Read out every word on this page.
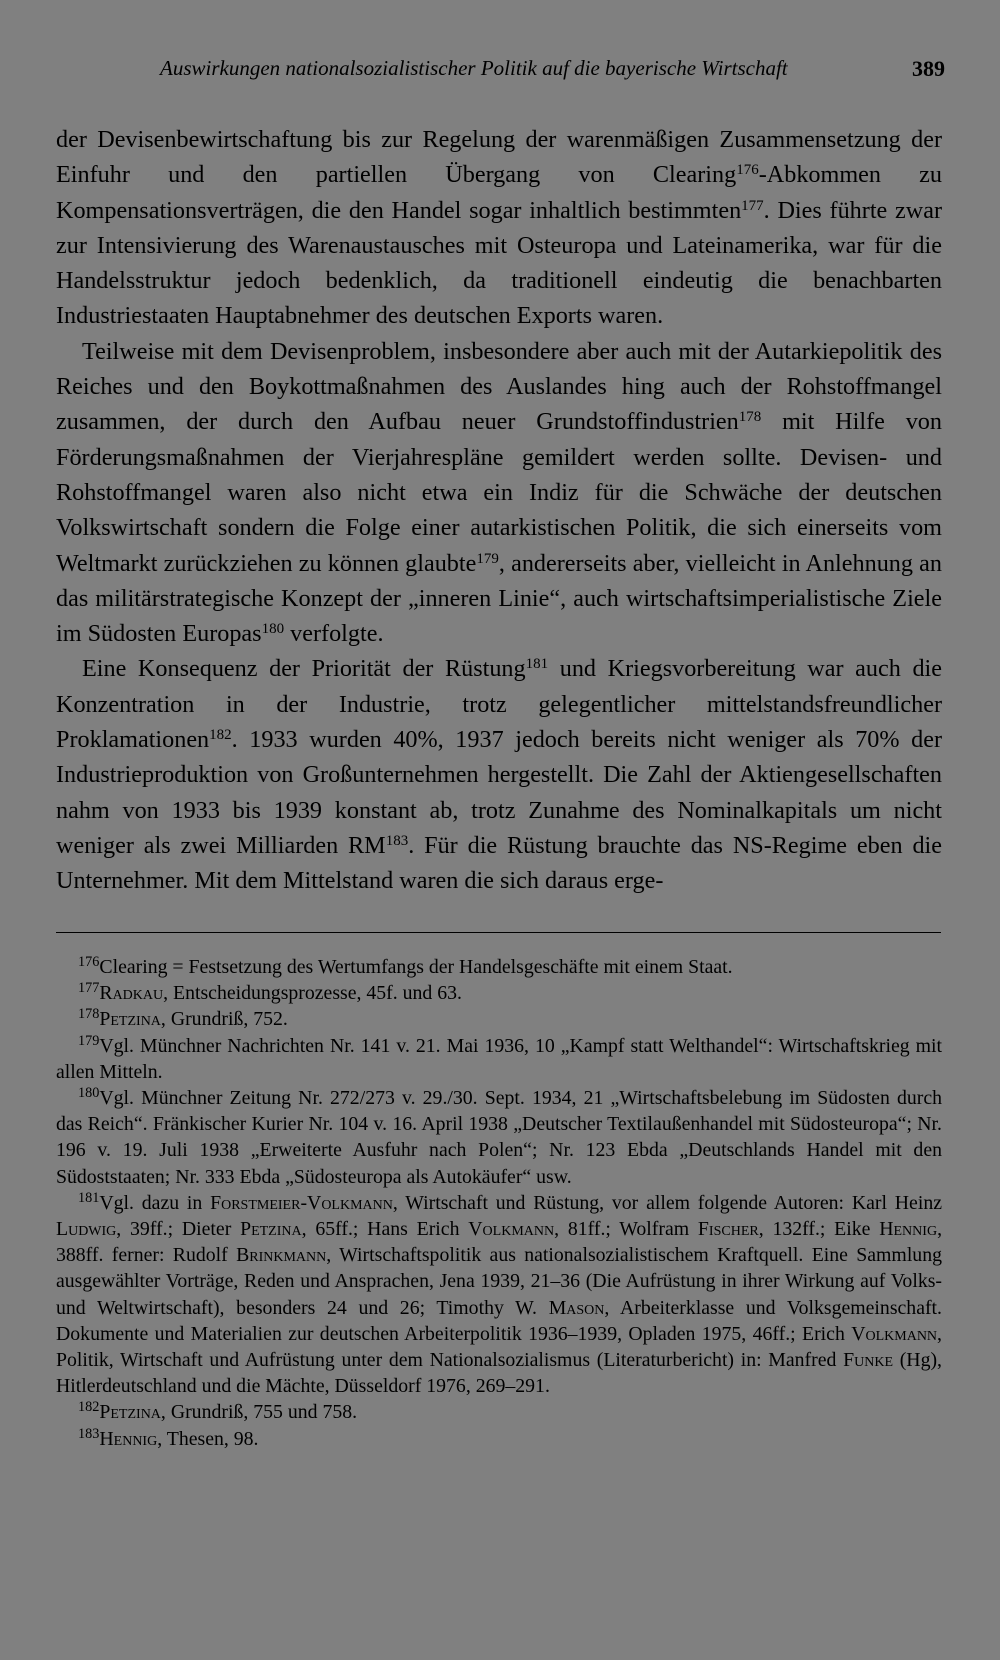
Auswirkungen nationalsozialistischer Politik auf die bayerische Wirtschaft	389

der Devisenbewirtschaftung bis zur Regelung der warenmäßigen Zusammensetzung der Einfuhr und den partiellen Übergang von Clearing$^{176}$-Abkommen zu Kompensationsverträgen, die den Handel sogar inhaltlich bestimmten$^{177}$. Dies führte zwar zur Intensivierung des Warenaustausches mit Osteuropa und Lateinamerika, war für die Handelsstruktur jedoch bedenklich, da traditionell eindeutig die benachbarten Industriestaaten Hauptabnehmer des deutschen Exports waren.

Teilweise mit dem Devisenproblem, insbesondere aber auch mit der Autarkiepolitik des Reiches und den Boykottmaßnahmen des Auslandes hing auch der Rohstoffmangel zusammen, der durch den Aufbau neuer Grundstoffindustrien$^{178}$ mit Hilfe von Förderungsmaßnahmen der Vierjahrespläne gemildert werden sollte. Devisen- und Rohstoffmangel waren also nicht etwa ein Indiz für die Schwäche der deutschen Volkswirtschaft sondern die Folge einer autarkistischen Politik, die sich einerseits vom Weltmarkt zurückziehen zu können glaubte$^{179}$, andererseits aber, vielleicht in Anlehnung an das militärstrategische Konzept der „inneren Linie“, auch wirtschaftsimperialistische Ziele im Südosten Europas$^{180}$ verfolgte.

Eine Konsequenz der Priorität der Rüstung$^{181}$ und Kriegsvorbereitung war auch die Konzentration in der Industrie, trotz gelegentlicher mittelstandsfreundlicher Proklamationen$^{182}$. 1933 wurden 40%, 1937 jedoch bereits nicht weniger als 70% der Industrieproduktion von Großunternehmen hergestellt. Die Zahl der Aktiengesellschaften nahm von 1933 bis 1939 konstant ab, trotz Zunahme des Nominalkapitals um nicht weniger als zwei Milliarden RM$^{183}$. Für die Rüstung brauchte das NS-Regime eben die Unternehmer. Mit dem Mittelstand waren die sich daraus erge-

$^{176}$Clearing = Festsetzung des Wertumfangs der Handelsgeschäfte mit einem Staat.

$^{177}$Radkau, Entscheidungsprozesse, 45f. und 63.

$^{178}$Petzina, Grundriß, 752.

$^{179}$Vgl. Münchner Nachrichten Nr. 141 v. 21. Mai 1936, 10 „Kampf statt Welthandel“: Wirtschaftskrieg mit allen Mitteln.

$^{180}$Vgl. Münchner Zeitung Nr. 272/273 v. 29./30. Sept. 1934, 21 „Wirtschaftsbelebung im Südosten durch das Reich“. Fränkischer Kurier Nr. 104 v. 16. April 1938 „Deutscher Textilaußenhandel mit Südosteuropa“; Nr. 196 v. 19. Juli 1938 „Erweiterte Ausfuhr nach Polen“; Nr. 123 Ebda „Deutschlands Handel mit den Südoststaaten; Nr. 333 Ebda „Südosteuropa als Autokäufer“ usw.

$^{181}$Vgl. dazu in Forstmeier-Volkmann, Wirtschaft und Rüstung, vor allem folgende Autoren: Karl Heinz Ludwig, 39ff.; Dieter Petzina, 65ff.; Hans Erich Volkmann, 81ff.; Wolfram Fischer, 132ff.; Eike Hennig, 388ff. ferner: Rudolf Brinkmann, Wirtschaftspolitik aus nationalsozialistischem Kraftquell. Eine Sammlung ausgewählter Vorträge, Reden und Ansprachen, Jena 1939, 21–36 (Die Aufrüstung in ihrer Wirkung auf Volks- und Weltwirtschaft), besonders 24 und 26; Timothy W. Mason, Arbeiterklasse und Volksgemeinschaft. Dokumente und Materialien zur deutschen Arbeiterpolitik 1936–1939, Opladen 1975, 46ff.; Erich Volkmann, Politik, Wirtschaft und Aufrüstung unter dem Nationalsozialismus (Literaturbericht) in: Manfred Funke (Hg), Hitlerdeutschland und die Mächte, Düsseldorf 1976, 269–291.

$^{182}$Petzina, Grundriß, 755 und 758.

$^{183}$Hennig, Thesen, 98.
